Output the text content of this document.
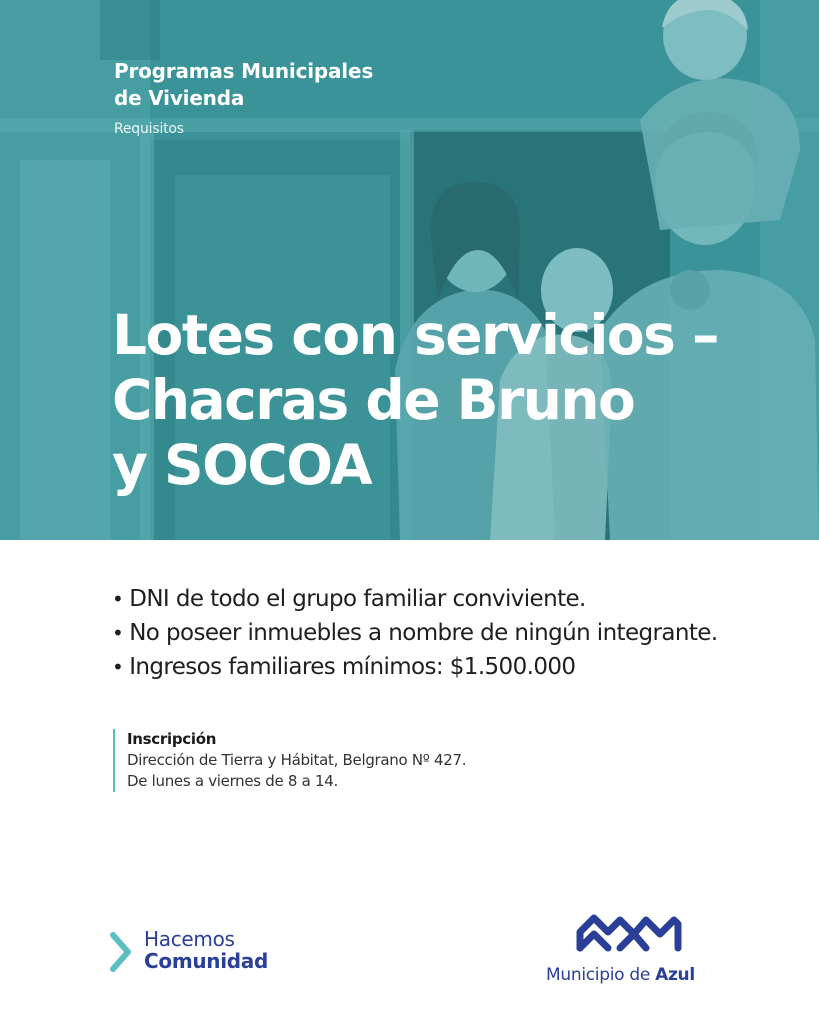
Programas Municipales
de Vivienda
Requisitos
Lotes con servicios –
Chacras de Bruno
y SOCOA
• DNI de todo el grupo familiar conviviente.
• No poseer inmuebles a nombre de ningún integrante.
• Ingresos familiares mínimos: $1.500.000
Inscripción
Dirección de Tierra y Hábitat, Belgrano Nº 427.
De lunes a viernes de 8 a 14.
Hacemos
Comunidad
Municipio de Azul
